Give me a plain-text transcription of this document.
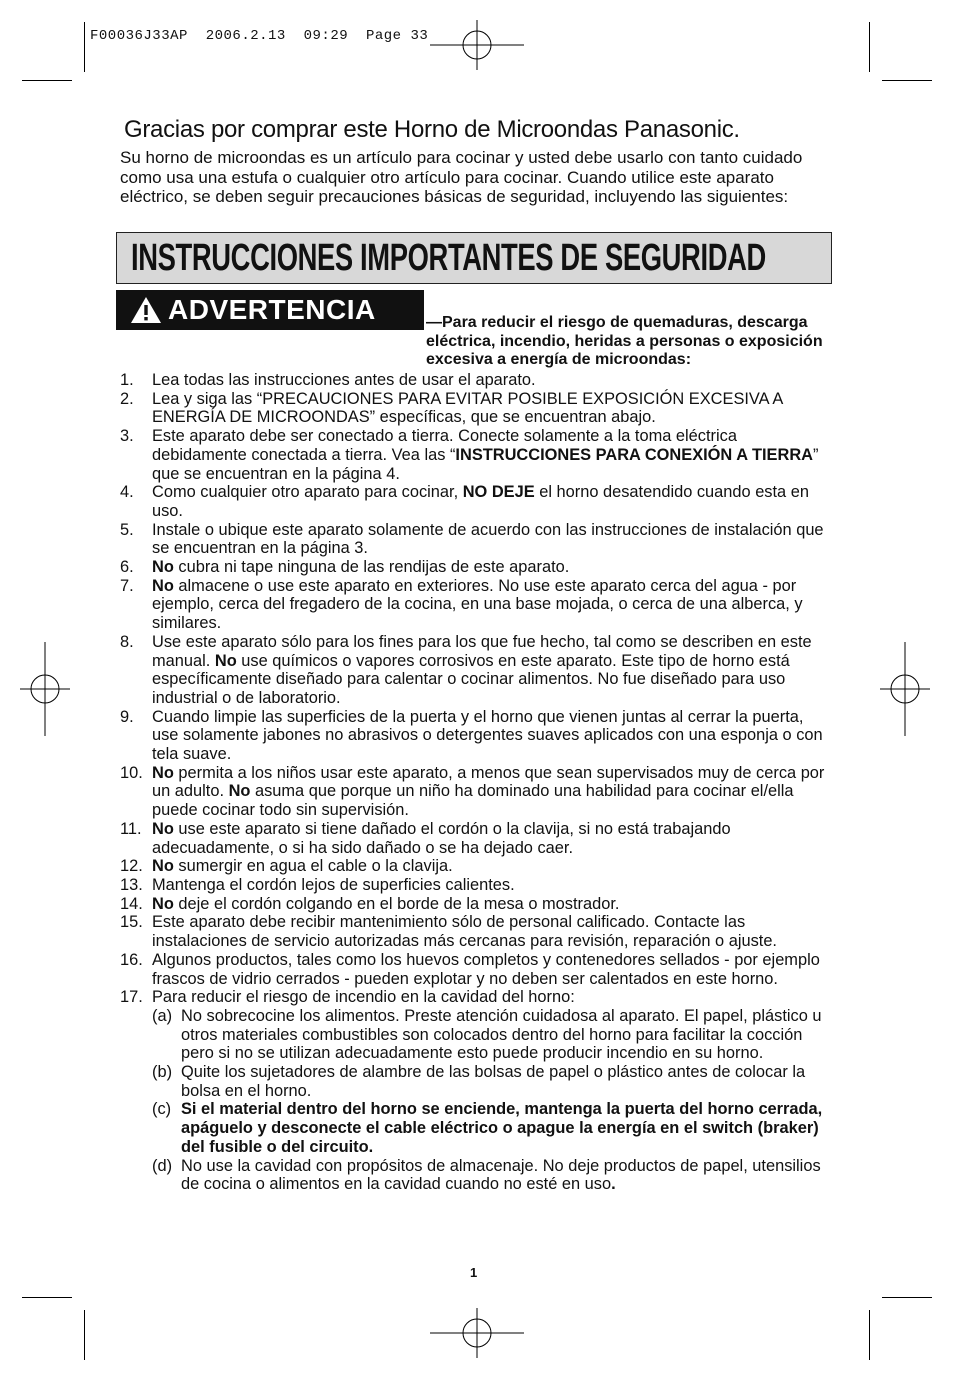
F00036J33AP  2006.2.13  09:29  Page 33
Gracias por comprar este Horno de Microondas Panasonic.
Su horno de microondas es un artículo para cocinar y usted debe usarlo con tanto cuidado como usa una estufa o cualquier otro artículo para cocinar. Cuando utilice este aparato eléctrico, se deben seguir precauciones básicas de seguridad, incluyendo las siguientes:
INSTRUCCIONES IMPORTANTES DE SEGURIDAD
ADVERTENCIA	—Para reducir el riesgo de quemaduras, descarga eléctrica, incendio, heridas a personas o exposición excesiva a energía de microondas:
1. Lea todas las instrucciones antes de usar el aparato.
2. Lea y siga las “PRECAUCIONES PARA EVITAR POSIBLE EXPOSICIÓN EXCESIVA A ENERGÍA DE MICROONDAS” específicas, que se encuentran abajo.
3. Este aparato debe ser conectado a tierra. Conecte solamente a la toma eléctrica debidamente conectada a tierra. Vea las “INSTRUCCIONES PARA CONEXIÓN A TIERRA” que se encuentran en la página 4.
4. Como cualquier otro aparato para cocinar, NO DEJE el horno desatendido cuando esta en uso.
5. Instale o ubique este aparato solamente de acuerdo con las instrucciones de instalación que se encuentran en la página 3.
6. No cubra ni tape ninguna de las rendijas de este aparato.
7. No almacene o use este aparato en exteriores. No use este aparato cerca del agua - por ejemplo, cerca del fregadero de la cocina, en una base mojada, o cerca de una alberca, y similares.
8. Use este aparato sólo para los fines para los que fue hecho, tal como se describen en este manual. No use químicos o vapores corrosivos en este aparato. Este tipo de horno está específicamente diseñado para calentar o cocinar alimentos. No fue diseñado para uso industrial o de laboratorio.
9. Cuando limpie las superficies de la puerta y el horno que vienen juntas al cerrar la puerta, use solamente jabones no abrasivos o detergentes suaves aplicados con una esponja o con tela suave.
10. No permita a los niños usar este aparato, a menos que sean supervisados muy de cerca por un adulto. No asuma que porque un niño ha dominado una habilidad para cocinar el/ella puede cocinar todo sin supervisión.
11. No use este aparato si tiene dañado el cordón o la clavija, si no está trabajando adecuadamente, o si ha sido dañado o se ha dejado caer.
12. No sumergir en agua el cable o la clavija.
13. Mantenga el cordón lejos de superficies calientes.
14. No deje el cordón colgando en el borde de la mesa o mostrador.
15. Este aparato debe recibir mantenimiento sólo de personal calificado. Contacte las instalaciones de servicio autorizadas más cercanas para revisión, reparación o ajuste.
16. Algunos productos, tales como los huevos completos y contenedores sellados - por ejemplo frascos de vidrio cerrados - pueden explotar y no deben ser calentados en este horno.
17. Para reducir el riesgo de incendio en la cavidad del horno:
(a) No sobrecocine los alimentos. Preste atención cuidadosa al aparato. El papel, plástico u otros materiales combustibles son colocados dentro del horno para facilitar la cocción pero si no se utilizan adecuadamente esto puede producir incendio en su horno.
(b) Quite los sujetadores de alambre de las bolsas de papel o plástico antes de colocar la bolsa en el horno.
(c) Si el material dentro del horno se enciende, mantenga la puerta del horno cerrada, apáguelo y desconecte el cable eléctrico o apague la energía en el switch (braker) del fusible o del circuito.
(d) No use la cavidad con propósitos de almacenaje. No deje productos de papel, utensilios de cocina o alimentos en la cavidad cuando no esté en uso.
1
